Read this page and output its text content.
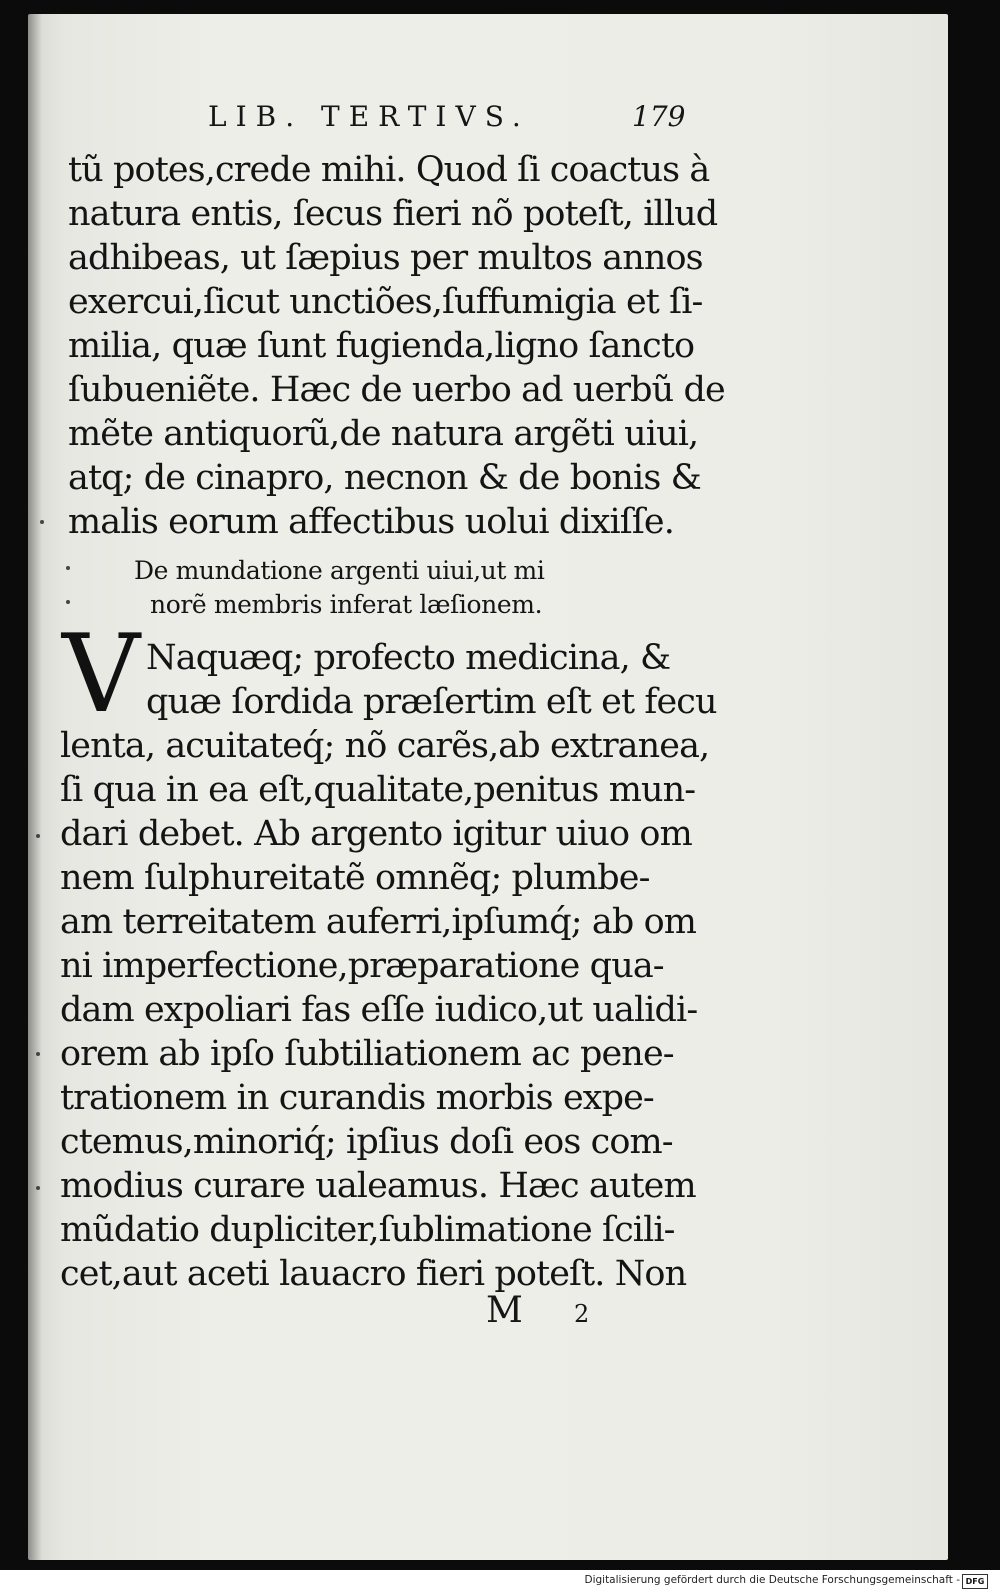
LIB. TERTIVS.	179
tũ potes,crede mihi. Quod ſi coactus à
natura entis, ſecus fieri nõ poteſt, illud
adhibeas, ut ſæpius per multos annos
exercui,ſicut unctiões,ſuffumigia et ſi-
milia, quæ ſunt fugienda,ligno ſancto
ſubueniẽte. Hæc de uerbo ad uerbũ de
mẽte antiquorũ,de natura argẽti uiui,
atq; de cinapro, necnon & de bonis &
malis eorum affectibus uolui dixiſſe.
De mundatione argenti uiui,ut mi
norẽ membris inferat læſionem.
V Naquæq; profecto medicina, &
quæ ſordida præſertim eſt et fecu
lenta, acuitateq́; nõ carẽs,ab extranea,
ſi qua in ea eſt,qualitate,penitus mun-
dari debet. Ab argento igitur uiuo om
nem ſulphureitatẽ omnẽq; plumbe-
am terreitatem auferri,ipſumq́; ab om
ni imperfectione,præparatione qua-
dam expoliari fas eſſe iudico,ut ualidi-
orem ab ipſo ſubtiliationem ac pene-
trationem in curandis morbis expe-
ctemus,minoriq́; ipſius doſi eos com-
modius curare ualeamus. Hæc autem
mũdatio dupliciter,ſublimatione ſcili-
cet,aut aceti lauacro fieri poteſt. Non
M 2
Digitalisierung gefördert durch die Deutsche Forschungsgemeinschaft - DFG
